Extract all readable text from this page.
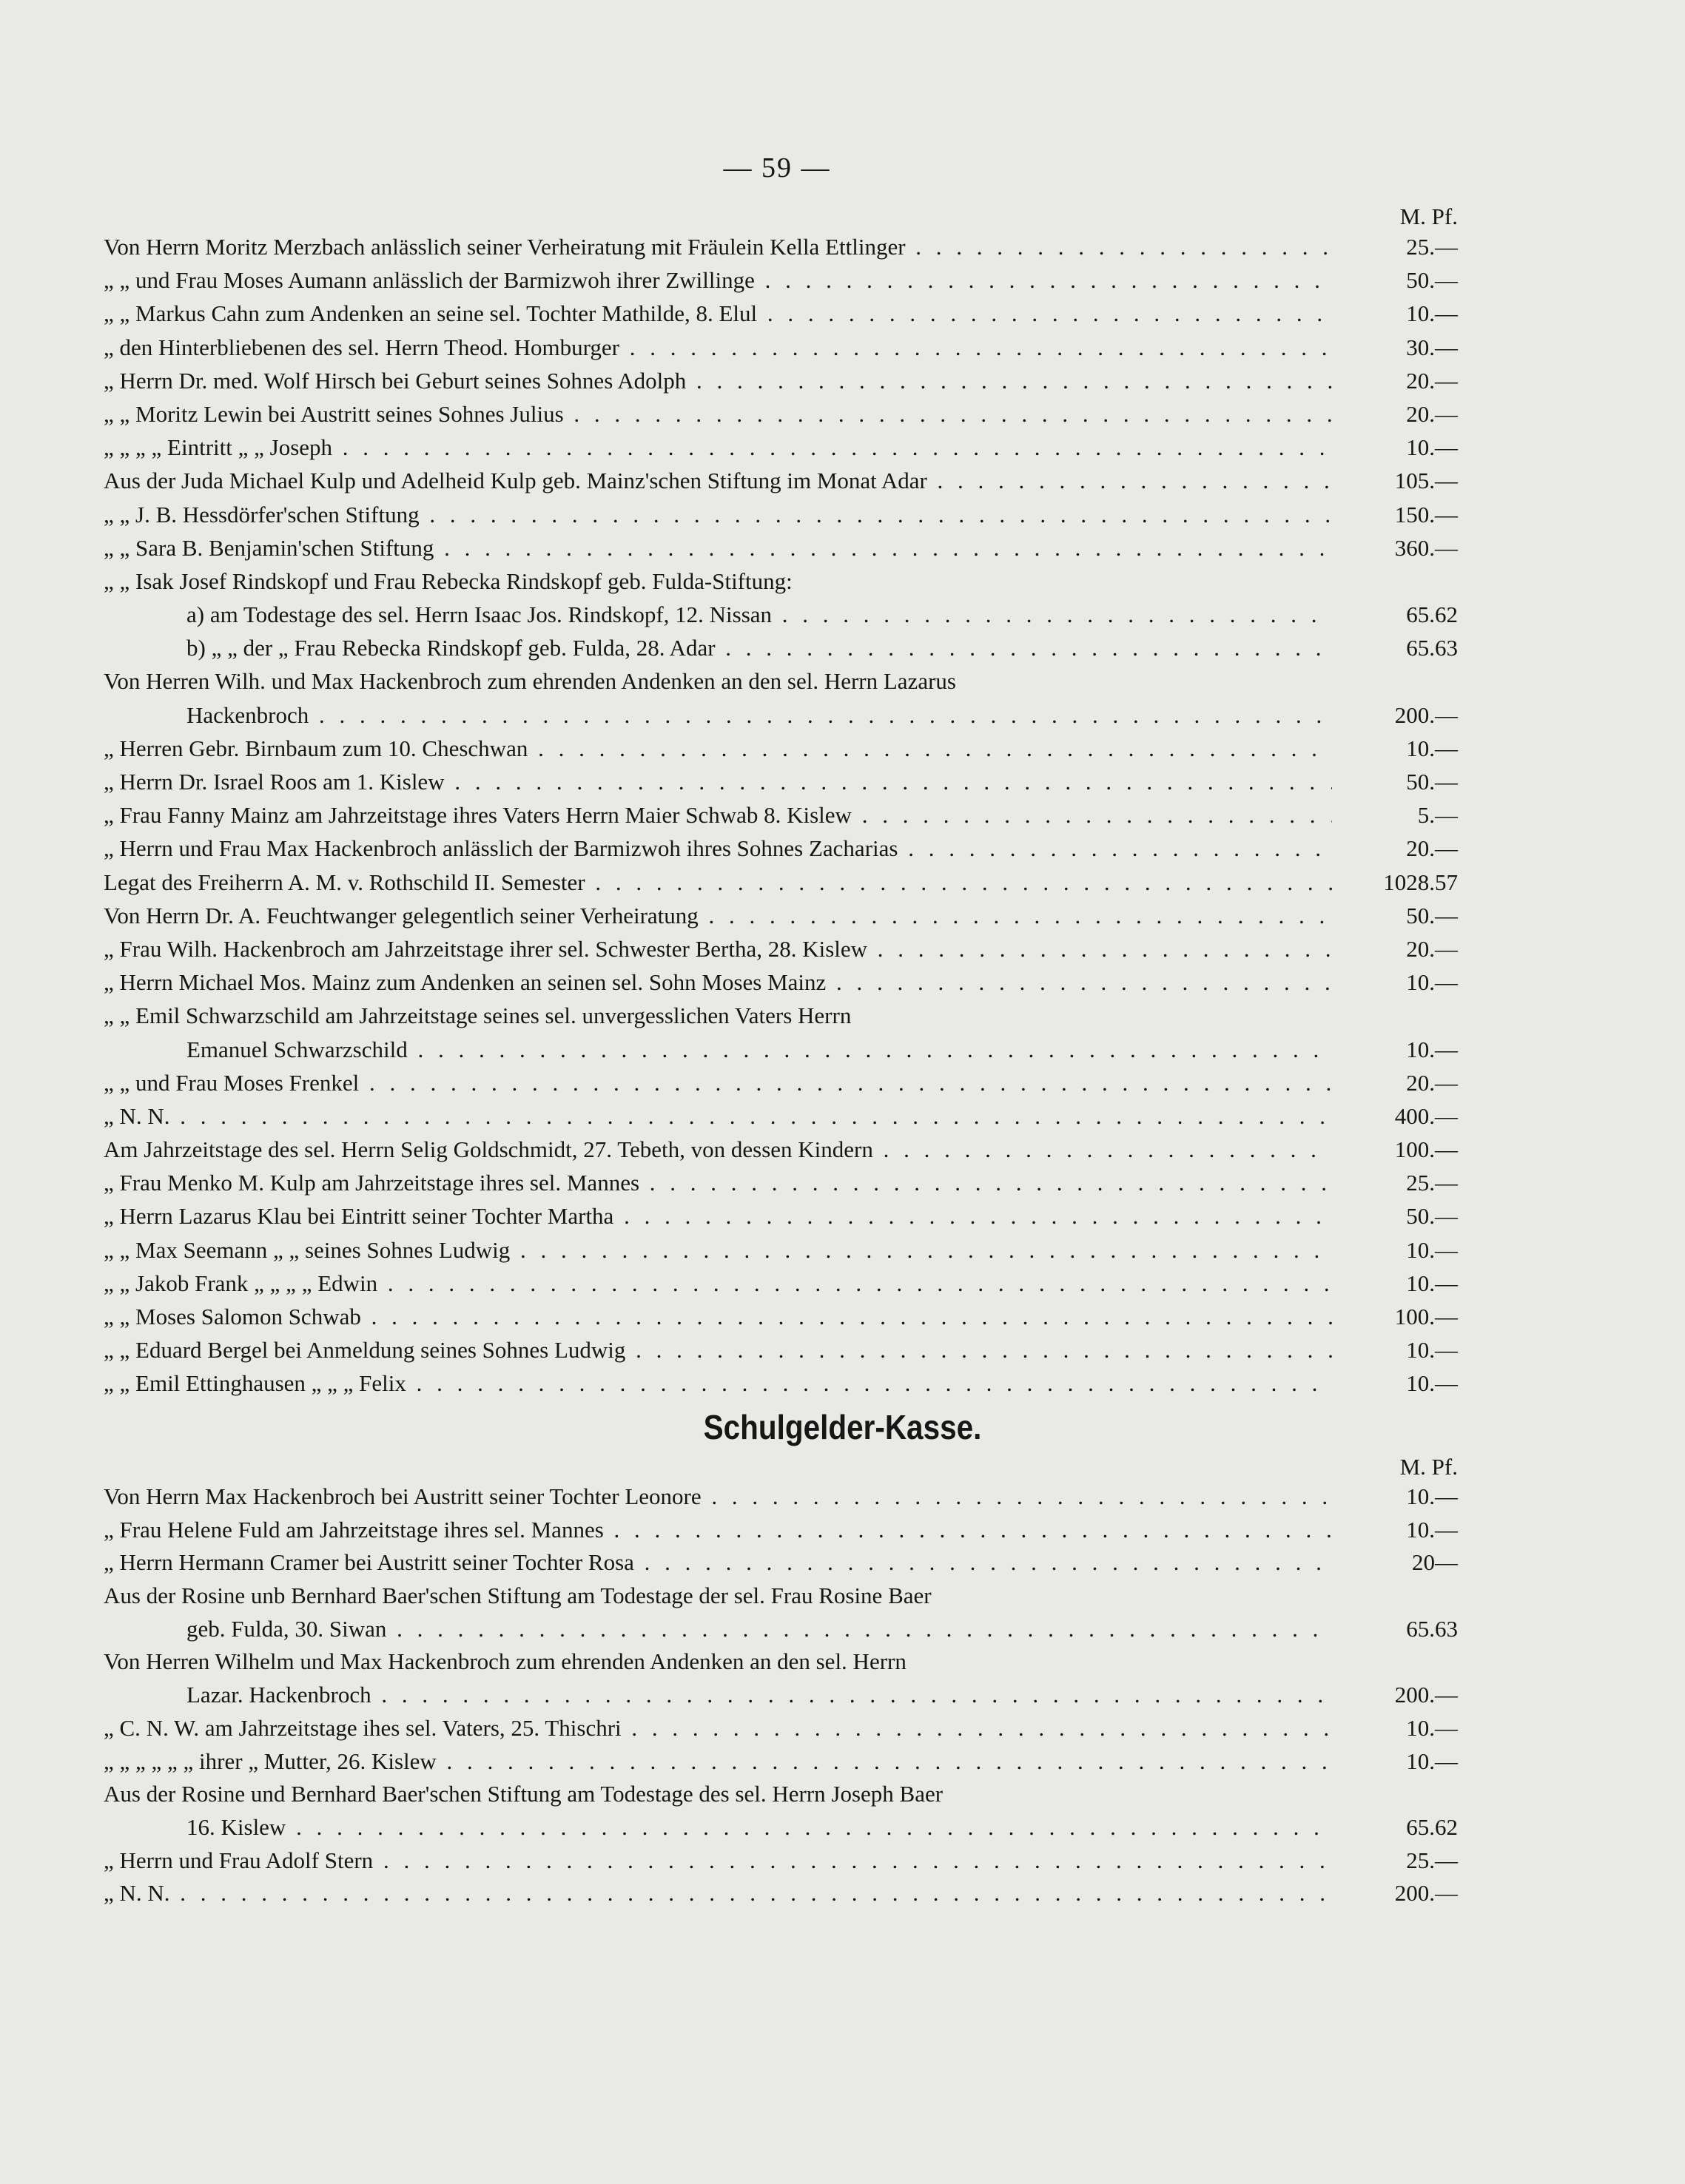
— 59 —
M. Pf.
Von Herrn Moritz Merzbach anlässlich seiner Verheiratung mit Fräulein Kella Ettlinger . . .	25.—
„ „ und Frau Moses Aumann anlässlich der Barmizwoh ihrer Zwillinge . . .	50.—
„ „ Markus Cahn zum Andenken an seine sel. Tochter Mathilde, 8. Elul . . .	10.—
„ den Hinterbliebenen des sel. Herrn Theod. Homburger . . .	30.—
„ Herrn Dr. med. Wolf Hirsch bei Geburt seines Sohnes Adolph . . .	20.—
„ „ Moritz Lewin bei Austritt seines Sohnes Julius . . .	20.—
„ „ „ „ Eintritt „ „ Joseph . . .	10.—
Aus der Juda Michael Kulp und Adelheid Kulp geb. Mainz'schen Stiftung im Monat Adar . . .	105.—
„ „ J. B. Hessdörfer'schen Stiftung . . .	150.—
„ „ Sara B. Benjamin'schen Stiftung . . .	360.—
„ „ Isak Josef Rindskopf und Frau Rebecka Rindskopf geb. Fulda-Stiftung:
a) am Todestage des sel. Herrn Isaac Jos. Rindskopf, 12. Nissan . . .	65.62
b) „ „ der „ Frau Rebecka Rindskopf geb. Fulda, 28. Adar . . .	65.63
Von Herren Wilh. und Max Hackenbroch zum ehrenden Andenken an den sel. Herrn Lazarus
Hackenbroch . . .	200.—
„ Herren Gebr. Birnbaum zum 10. Cheschwan . . .	10.—
„ Herrn Dr. Israel Roos am 1. Kislew . . .	50.—
„ Frau Fanny Mainz am Jahrzeitstage ihres Vaters Herrn Maier Schwab 8. Kislew . . .	5.—
„ Herrn und Frau Max Hackenbroch anlässlich der Barmizwoh ihres Sohnes Zacharias . . .	20.—
Legat des Freiherrn A. M. v. Rothschild II. Semester . . .	1028.57
Von Herrn Dr. A. Feuchtwanger gelegentlich seiner Verheiratung . . .	50.—
„ Frau Wilh. Hackenbroch am Jahrzeitstage ihrer sel. Schwester Bertha, 28. Kislew . . .	20.—
„ Herrn Michael Mos. Mainz zum Andenken an seinen sel. Sohn Moses Mainz . . .	10.—
„ „ Emil Schwarzschild am Jahrzeitstage seines sel. unvergesslichen Vaters Herrn
Emanuel Schwarzschild . . .	10.—
„ „ und Frau Moses Frenkel . . .	20.—
„ N. N. . . .	400.—
Am Jahrzeitstage des sel. Herrn Selig Goldschmidt, 27. Tebeth, von dessen Kindern . . .	100.—
„ Frau Menko M. Kulp am Jahrzeitstage ihres sel. Mannes . . .	25.—
„ Herrn Lazarus Klau bei Eintritt seiner Tochter Martha . . .	50.—
„ „ Max Seemann „ „ seines Sohnes Ludwig . . .	10.—
„ „ Jakob Frank „ „ „ „ Edwin . . .	10.—
„ „ Moses Salomon Schwab . . .	100.—
„ „ Eduard Bergel bei Anmeldung seines Sohnes Ludwig . . .	10.—
„ „ Emil Ettinghausen „ „ „ Felix . . .	10.—
Schulgelder-Kasse.
M. Pf.
Von Herrn Max Hackenbroch bei Austritt seiner Tochter Leonore . . .	10.—
„ Frau Helene Fuld am Jahrzeitstage ihres sel. Mannes . . .	10.—
„ Herrn Hermann Cramer bei Austritt seiner Tochter Rosa . . .	20—
Aus der Rosine unb Bernhard Baer'schen Stiftung am Todestage der sel. Frau Rosine Baer
geb. Fulda, 30. Siwan . . .	65.63
Von Herren Wilhelm und Max Hackenbroch zum ehrenden Andenken an den sel. Herrn
Lazar. Hackenbroch . . .	200.—
„ C. N. W. am Jahrzeitstage ihes sel. Vaters, 25. Thischri . . .	10.—
„ „ „ „ „ „ ihrer „ Mutter, 26. Kislew . . .	10.—
Aus der Rosine und Bernhard Baer'schen Stiftung am Todestage des sel. Herrn Joseph Baer
16. Kislew . . .	65.62
„ Herrn und Frau Adolf Stern . . .	25.—
„ N. N. . . .	200.—
